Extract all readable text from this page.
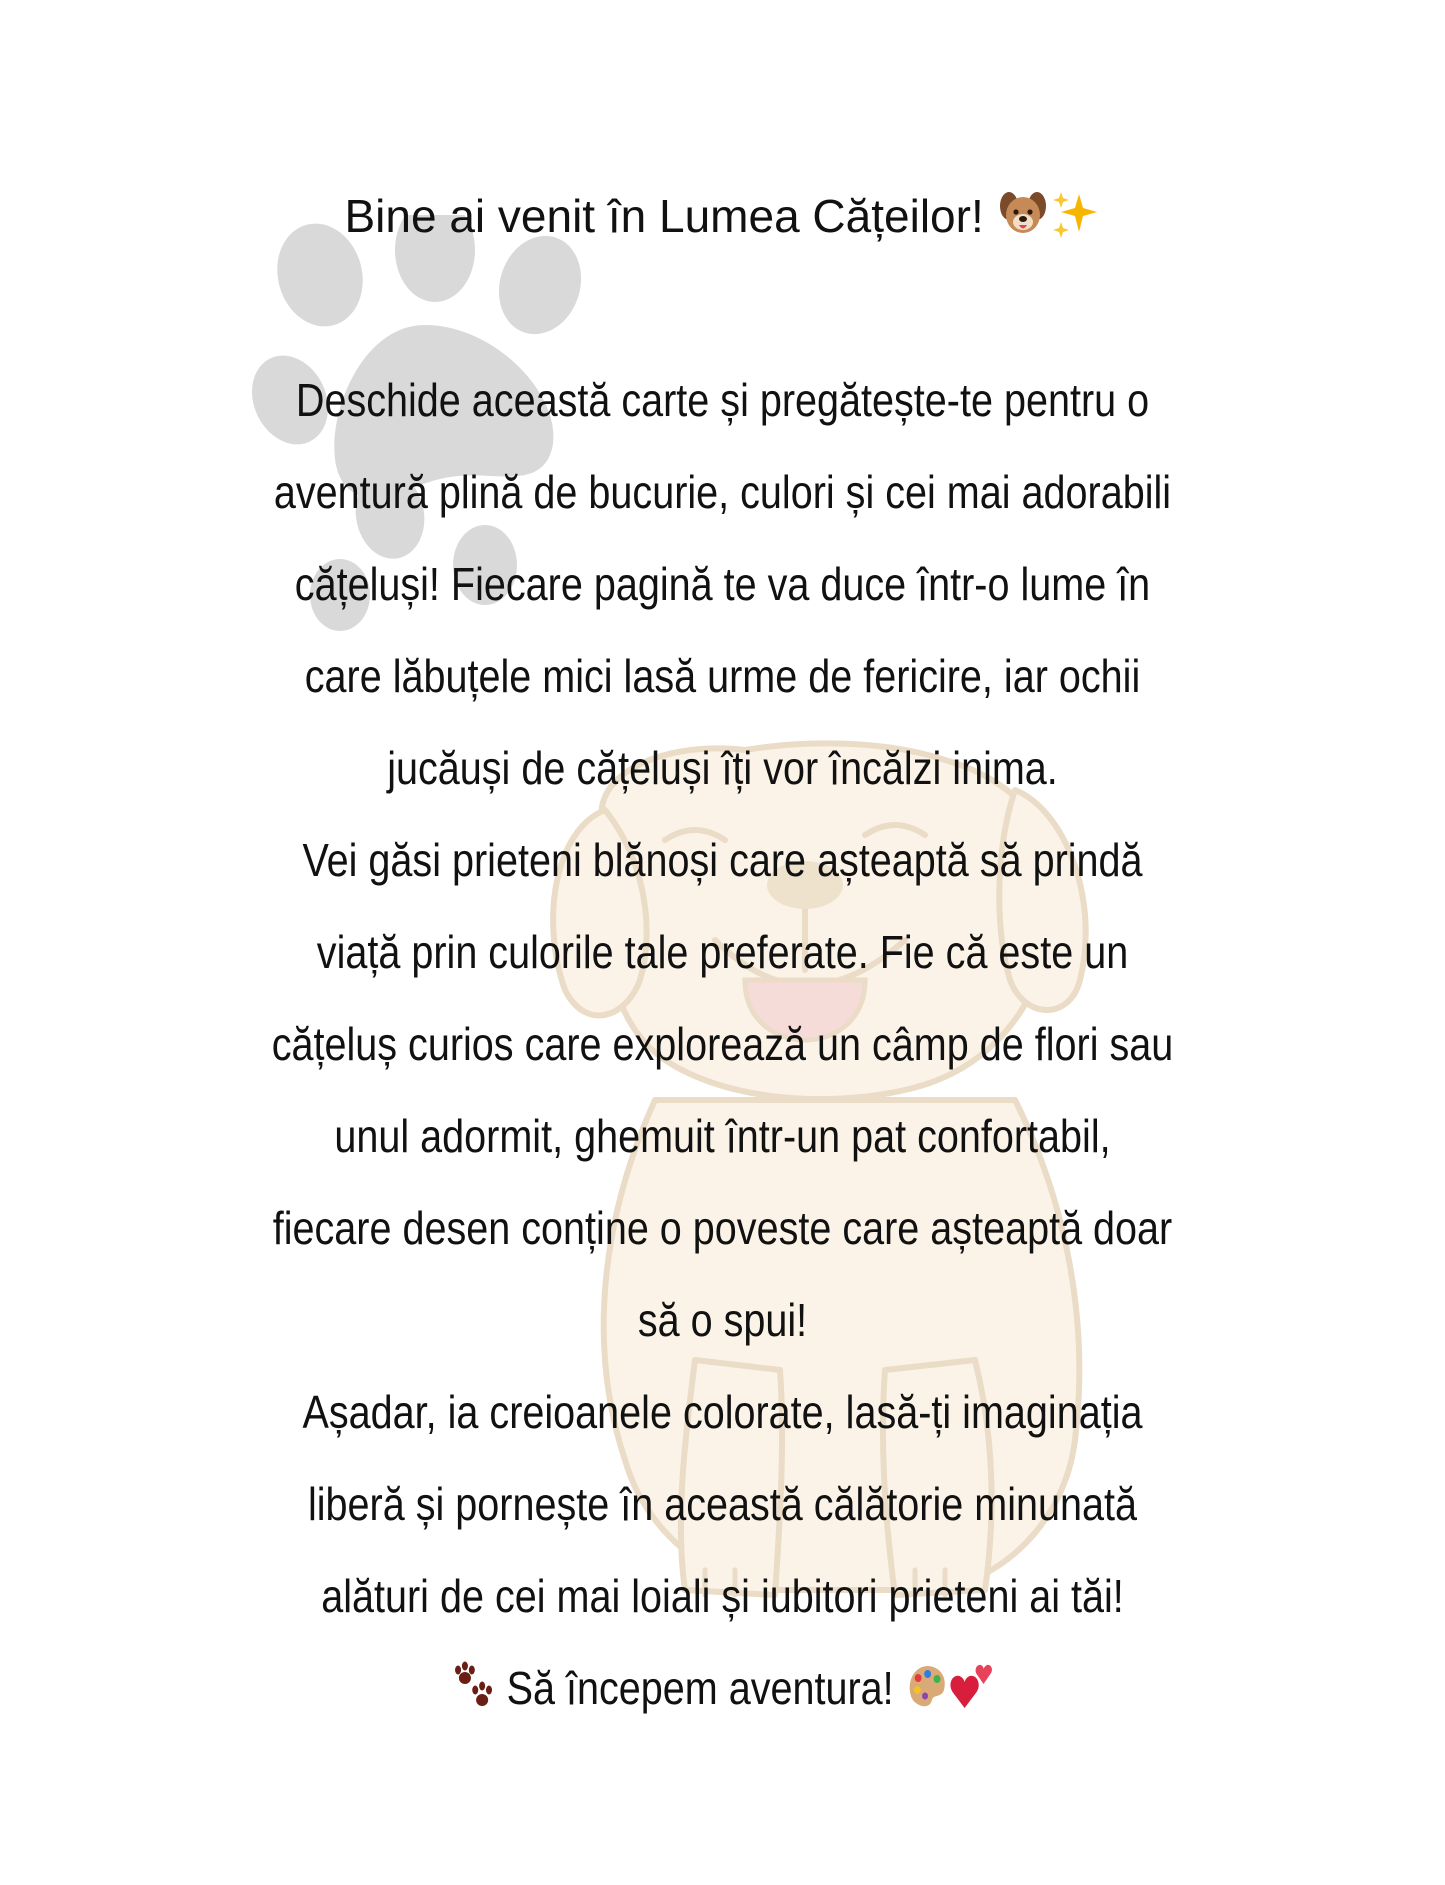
Bine ai venit în Lumea Cățeilor!

Deschide această carte și pregătește-te pentru o

aventură plină de bucurie, culori și cei mai adorabili

cățeluși! Fiecare pagină te va duce într-o lume în

care lăbuțele mici lasă urme de fericire, iar ochii

jucăuși de cățeluși îți vor încălzi inima.

Vei găsi prieteni blănoși care așteaptă să prindă

viață prin culorile tale preferate. Fie că este un

cățeluș curios care explorează un câmp de flori sau

unul adormit, ghemuit într-un pat confortabil,

fiecare desen conține o poveste care așteaptă doar

să o spui!

Așadar, ia creioanele colorate, lasă-ți imaginația

liberă și pornește în această călătorie minunată

alături de cei mai loiali și iubitori prieteni ai tăi!

Să începem aventura!
